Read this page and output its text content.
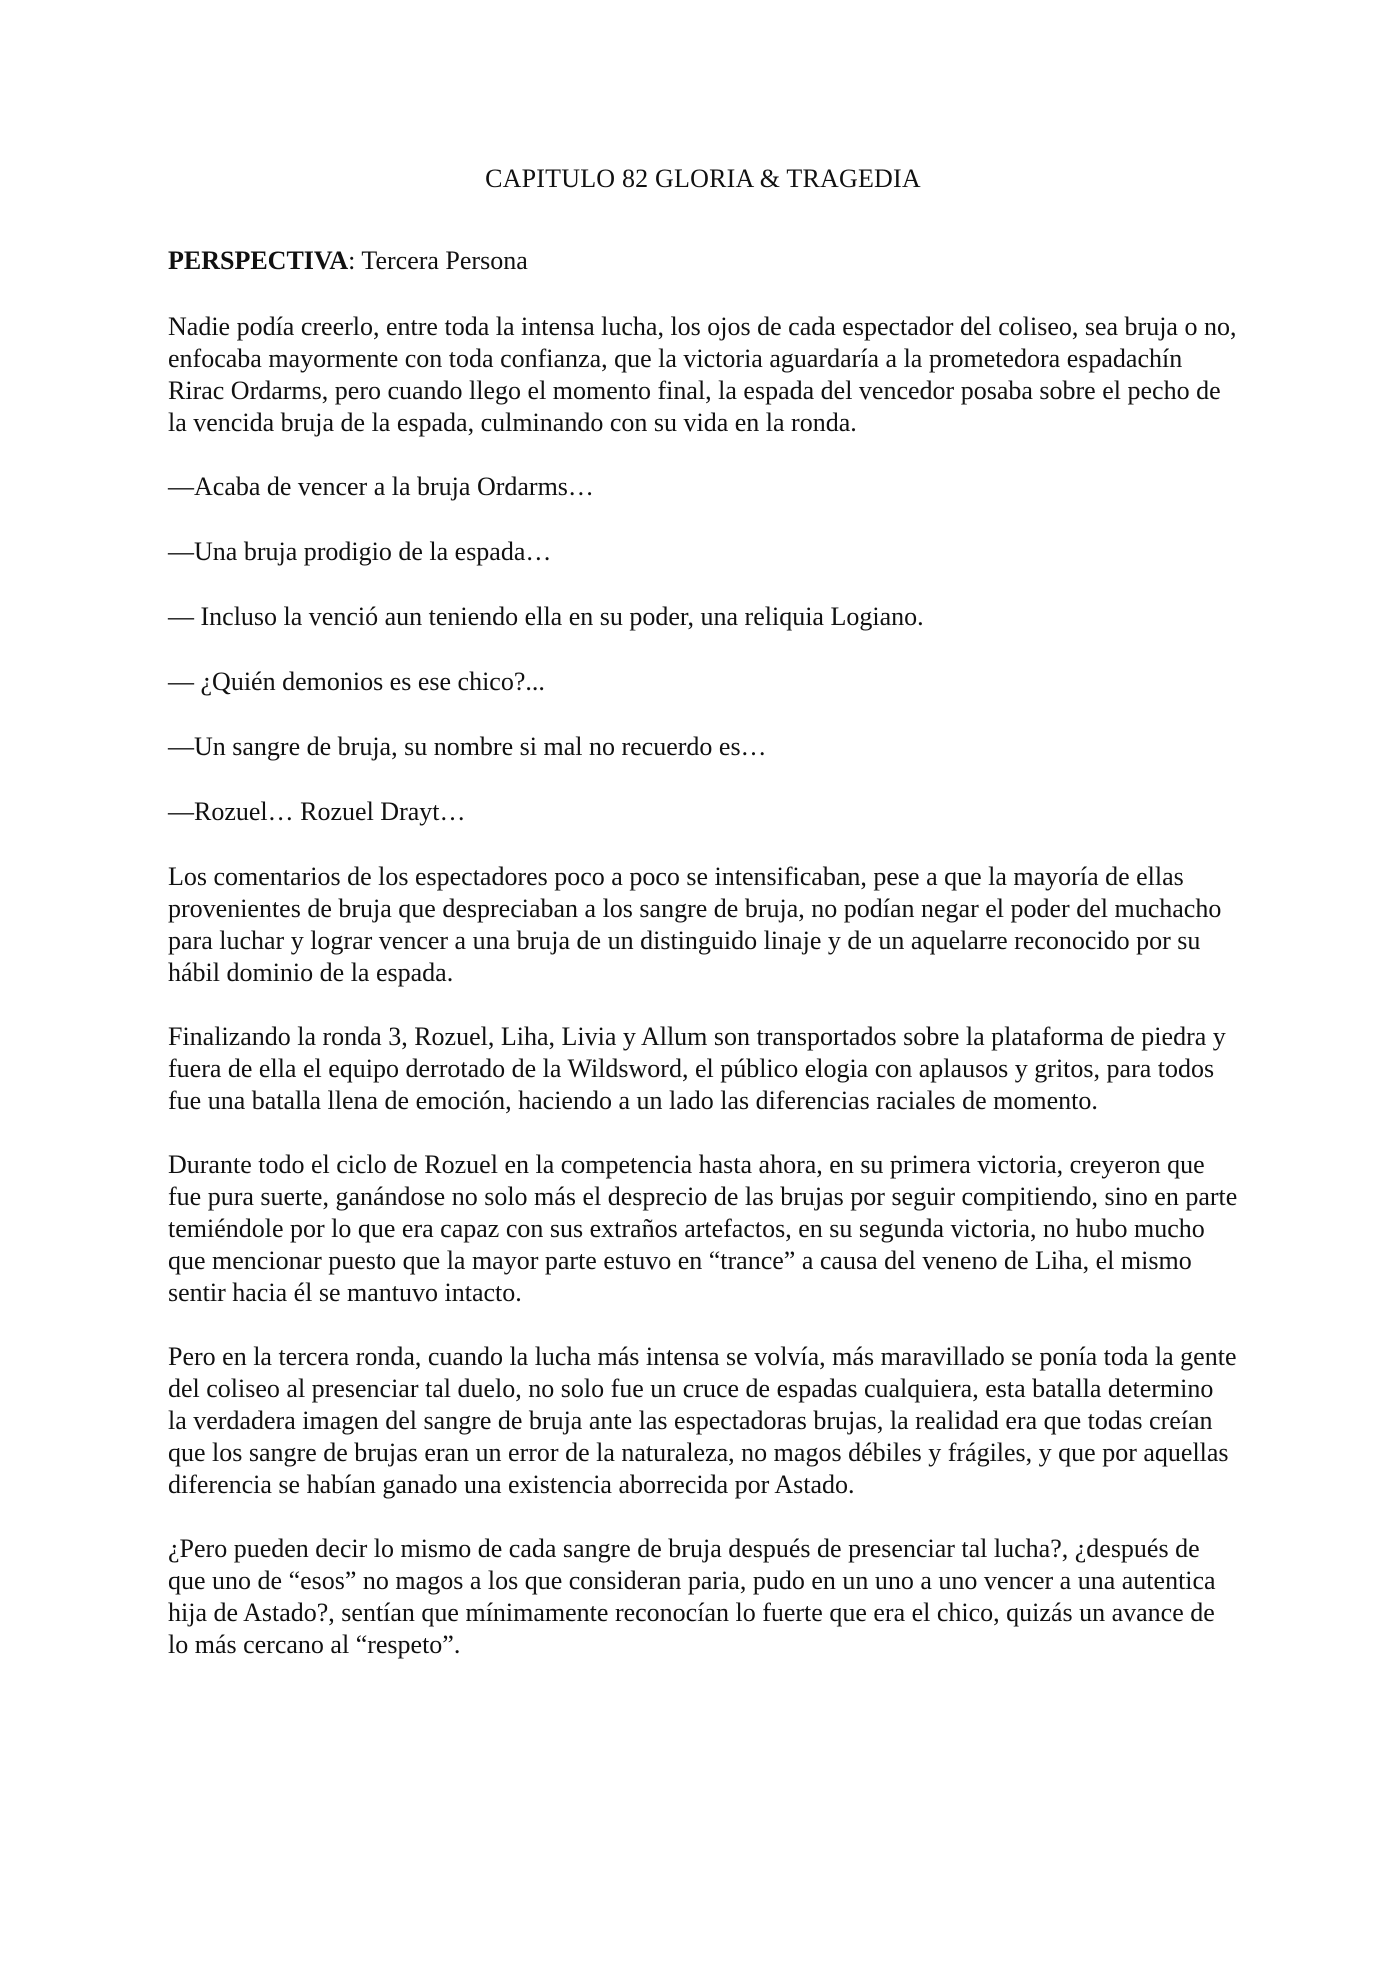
CAPITULO 82 GLORIA & TRAGEDIA
PERSPECTIVA: Tercera Persona

Nadie podía creerlo, entre toda la intensa lucha, los ojos de cada espectador del coliseo, sea bruja o no, enfocaba mayormente con toda confianza, que la victoria aguardaría a la prometedora espadachín Rirac Ordarms, pero cuando llego el momento final, la espada del vencedor posaba sobre el pecho de la vencida bruja de la espada, culminando con su vida en la ronda.

—Acaba de vencer a la bruja Ordarms…

—Una bruja prodigio de la espada…

— Incluso la venció aun teniendo ella en su poder, una reliquia Logiano.

— ¿Quién demonios es ese chico?...

—Un sangre de bruja, su nombre si mal no recuerdo es…

—Rozuel… Rozuel Drayt…

Los comentarios de los espectadores poco a poco se intensificaban, pese a que la mayoría de ellas provenientes de bruja que despreciaban a los sangre de bruja, no podían negar el poder del muchacho para luchar y lograr vencer a una bruja de un distinguido linaje y de un aquelarre reconocido por su hábil dominio de la espada.

Finalizando la ronda 3, Rozuel, Liha, Livia y Allum son transportados sobre la plataforma de piedra y fuera de ella el equipo derrotado de la Wildsword, el público elogia con aplausos y gritos, para todos fue una batalla llena de emoción, haciendo a un lado las diferencias raciales de momento.

Durante todo el ciclo de Rozuel en la competencia hasta ahora, en su primera victoria, creyeron que fue pura suerte, ganándose no solo más el desprecio de las brujas por seguir compitiendo, sino en parte temiéndole por lo que era capaz con sus extraños artefactos, en su segunda victoria, no hubo mucho que mencionar puesto que la mayor parte estuvo en “trance” a causa del veneno de Liha, el mismo sentir hacia él se mantuvo intacto.

Pero en la tercera ronda, cuando la lucha más intensa se volvía, más maravillado se ponía toda la gente del coliseo al presenciar tal duelo, no solo fue un cruce de espadas cualquiera, esta batalla determino la verdadera imagen del sangre de bruja ante las espectadoras brujas, la realidad era que todas creían que los sangre de brujas eran un error de la naturaleza, no magos débiles y frágiles, y que por aquellas diferencia se habían ganado una existencia aborrecida por Astado.

¿Pero pueden decir lo mismo de cada sangre de bruja después de presenciar tal lucha?, ¿después de que uno de “esos” no magos a los que consideran paria, pudo en un uno a uno vencer a una autentica hija de Astado?, sentían que mínimamente reconocían lo fuerte que era el chico, quizás un avance de lo más cercano al “respeto”.
